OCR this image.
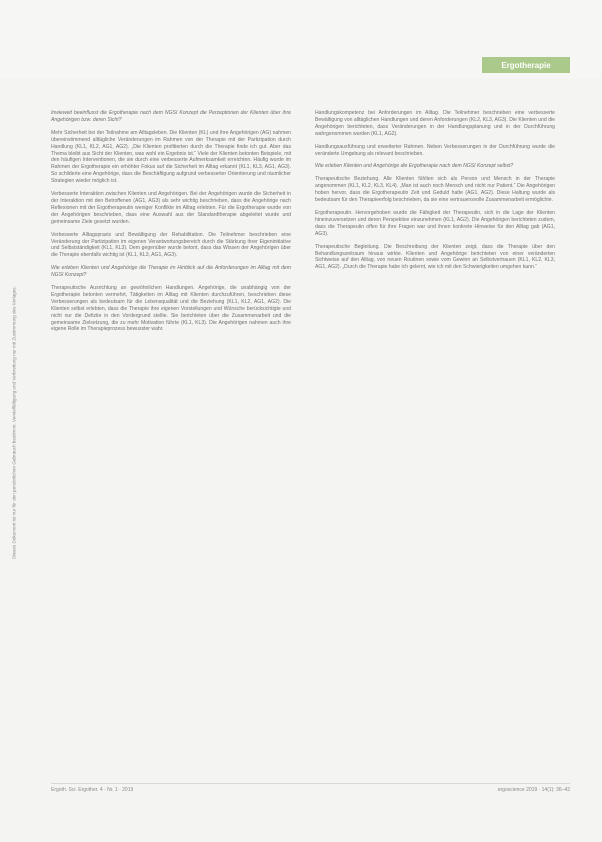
Ergotherapie
Dieses Dokument ist nur für den persönlichen Gebrauch bestimmt. Vervielfältigung und Verbreitung nur mit Zustimmung des Verlages.

Inwieweit beeinflusst die Ergotherapie nach dem NGSI Konzept die Perzeptionen der Klienten über ihre Angehörigen bzw. deren Sicht?

Mehr Sicherheit bei der Teilnahme am Alltagsleben. Die Klienten (KL) und ihre Angehörigen (AG) nahmen übereinstimmend alltägliche Veränderungen im Rahmen von der Therapie mit der Partizipation durch Handlung (KL1, KL2, AG1, AG2). „Die Klienten profitierten durch die Therapie finde ich gut. Aber das Thema bleibt aus Sicht der Klienten, was wohl ein Ergebnis ist.“ Viele der Klienten betonten Beispiele, mit den häufigen Interventionen, die sie durch eine verbesserte Aufmerksamkeit erreichten. Häufig wurde im Rahmen der Ergotherapie ein erhöhter Fokus auf die Sicherheit im Alltag erkannt (KL1, KL3, AG1, AG3). So schilderte eine Angehörige, dass die Beschäftigung aufgrund verbesserter Orientierung und räumlicher Strategien wieder möglich ist.

Verbesserte Interaktion zwischen Klienten und Angehörigen. Bei der Angehörigen wurde die Sicherheit in der Interaktion mit den Betroffenen (AG1, AG3) als sehr wichtig beschrieben, dass die Angehörige nach Reflexionen mit der Ergotherapeutin weniger Konflikte im Alltag erlebten. Für die Ergotherapie wurde von der Angehörigen beschrieben, dass eine Auswahl aus der Standardtherapie abgeleitet wurde und gemeinsame Ziele gesetzt wurden.

Verbesserte Alltagspraxis und Bewältigung der Rehabilitation. Die Teilnehmer beschrieben eine Veränderung der Partizipation im eigenen Verantwortungsbereich durch die Stärkung ihrer Eigeninitiative und Selbstständigkeit (KL1, KL3). Dem gegenüber wurde betont, dass das Wissen der Angehörigen über die Therapie ebenfalls wichtig ist (KL1, KL3, AG1, AG3).

Wie erleben Klienten und Angehörige die Therapie im Hinblick auf die Anforderungen im Alltag mit dem NGSI Konzept?

Therapeutische Ausrichtung an gewöhnlichen Handlungen. Angehörige, die unabhängig von der Ergotherapie betonten vermehrt, Tätigkeiten im Alltag mit Klienten durchzuführen, beschrieben diese Verbesserungen als bedeutsam für die Lebensqualität und die Beziehung (KL1, KL2, AG1, AG2). Die Klienten selbst erlebten, dass die Therapie ihre eigenen Vorstellungen und Wünsche berücksichtigte und nicht nur die Defizite in den Vordergrund stellte. Sie berichteten über die Zusammenarbeit und die gemeinsame Zielsetzung, die zu mehr Motivation führte (KL1, KL3). Die Angehörigen nahmen auch ihre eigene Rolle im Therapieprozess bewusster wahr.

Handlungskompetenz bei Anforderungen im Alltag. Die Teilnehmer beschrieben eine verbesserte Bewältigung von alltäglichen Handlungen und deren Anforderungen (KL2, KL3, AG3). Die Klienten und die Angehörigen berichteten, dass Veränderungen in der Handlungsplanung und in der Durchführung wahrgenommen wurden (KL1, AG2).

Handlungsausführung und erweiterter Rahmen. Neben Verbesserungen in der Durchführung wurde die veränderte Umgebung als relevant beschrieben.

Wie erleben Klienten und Angehörige die Ergotherapie nach dem NGSI Konzept selbst?

Therapeutische Beziehung. Alle Klienten fühlten sich als Person und Mensch in der Therapie angenommen (KL1, KL2, KL3, KL4). „Man ist auch noch Mensch und nicht nur Patient.“ Die Angehörigen hoben hervor, dass die Ergotherapeutin Zeit und Geduld hatte (AG1, AG2). Diese Haltung wurde als bedeutsam für den Therapieerfolg beschrieben, da sie eine vertrauensvolle Zusammenarbeit ermöglichte.

Ergotherapeutin. Hervorgehoben wurde die Fähigkeit der Therapeutin, sich in die Lage der Klienten hineinzuversetzen und deren Perspektive einzunehmen (KL1, AG2). Die Angehörigen berichteten zudem, dass die Therapeutin offen für ihre Fragen war und ihnen konkrete Hinweise für den Alltag gab (AG1, AG3).

Therapeutische Begleitung. Die Beschreibung der Klienten zeigt, dass die Therapie über den Behandlungszeitraum hinaus wirkte. Klienten und Angehörige berichteten von einer veränderten Sichtweise auf den Alltag, von neuen Routinen sowie vom Gewinn an Selbstvertrauen (KL1, KL2, KL3, AG1, AG2). „Durch die Therapie habe ich gelernt, wie ich mit den Schwierigkeiten umgehen kann.“

Ergoth. Sci. Ergother. 4 · Nr. 1 · 2019	ergoscience 2019 · 14(1): 36–42
